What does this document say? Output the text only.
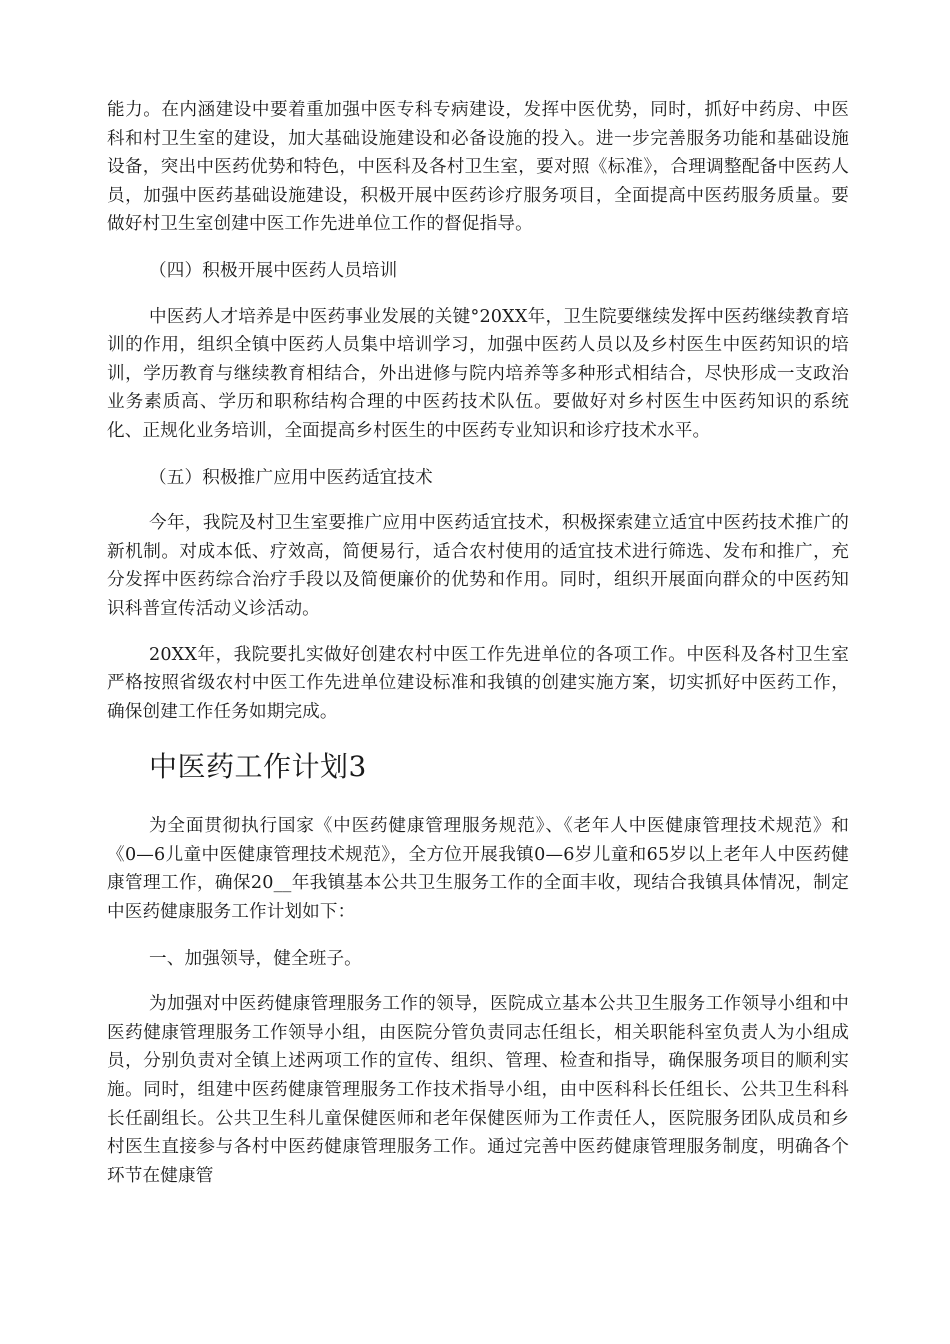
能力。在内涵建设中要着重加强中医专科专病建设，发挥中医优势，同时，抓好中药房、中医科和村卫生室的建设，加大基础设施建设和必备设施的投入。进一步完善服务功能和基础设施设备，突出中医药优势和特色，中医科及各村卫生室，要对照《标准》，合理调整配备中医药人员，加强中医药基础设施建设，积极开展中医药诊疗服务项目，全面提高中医药服务质量。要做好村卫生室创建中医工作先进单位工作的督促指导。

（四）积极开展中医药人员培训

中医药人才培养是中医药事业发展的关键°20XX年，卫生院要继续发挥中医药继续教育培训的作用，组织全镇中医药人员集中培训学习，加强中医药人员以及乡村医生中医药知识的培训，学历教育与继续教育相结合，外出进修与院内培养等多种形式相结合，尽快形成一支政治业务素质高、学历和职称结构合理的中医药技术队伍。要做好对乡村医生中医药知识的系统化、正规化业务培训，全面提高乡村医生的中医药专业知识和诊疗技术水平。

（五）积极推广应用中医药适宜技术

今年，我院及村卫生室要推广应用中医药适宜技术，积极探索建立适宜中医药技术推广的新机制。对成本低、疗效高，简便易行，适合农村使用的适宜技术进行筛选、发布和推广，充分发挥中医药综合治疗手段以及简便廉价的优势和作用。同时，组织开展面向群众的中医药知识科普宣传活动义诊活动。

20XX年，我院要扎实做好创建农村中医工作先进单位的各项工作。中医科及各村卫生室严格按照省级农村中医工作先进单位建设标准和我镇的创建实施方案，切实抓好中医药工作，确保创建工作任务如期完成。

中医药工作计划3

为全面贯彻执行国家《中医药健康管理服务规范》、《老年人中医健康管理技术规范》和《0—6儿童中医健康管理技术规范》，全方位开展我镇0—6岁儿童和65岁以上老年人中医药健康管理工作，确保20__年我镇基本公共卫生服务工作的全面丰收，现结合我镇具体情况，制定中医药健康服务工作计划如下：

一、加强领导，健全班子。

为加强对中医药健康管理服务工作的领导，医院成立基本公共卫生服务工作领导小组和中医药健康管理服务工作领导小组，由医院分管负责同志任组长，相关职能科室负责人为小组成员，分别负责对全镇上述两项工作的宣传、组织、管理、检查和指导，确保服务项目的顺利实施。同时，组建中医药健康管理服务工作技术指导小组，由中医科科长任组长、公共卫生科科长任副组长。公共卫生科儿童保健医师和老年保健医师为工作责任人，医院服务团队成员和乡村医生直接参与各村中医药健康管理服务工作。通过完善中医药健康管理服务制度，明确各个环节在健康管
